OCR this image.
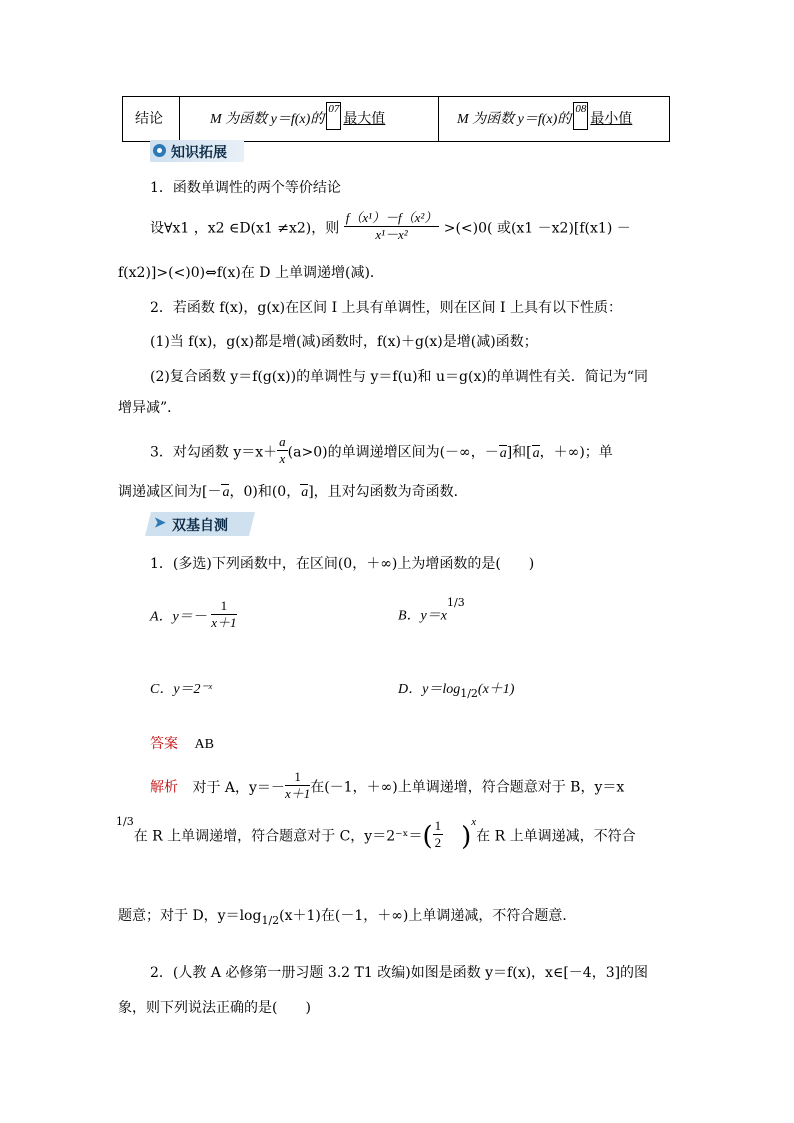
结论	M 为函数 y＝f(x)的07最大值	M 为函数 y＝f(x)的08最小值
知识拓展
1．函数单调性的两个等价结论
设∀x1 ，x2 ∈D(x1 ≠x2)，则 $\frac{\text{f（x¹）－f（x²）}}{\text{x¹－x²}} >(<)0$( 或(x1 －x2)[f(x1) －
f(x2)]>(<)0)⇔f(x)在 D 上单调递增(减)．
2．若函数 f(x)，g(x)在区间 I 上具有单调性，则在区间 I 上具有以下性质：
(1)当 f(x)，g(x)都是增(减)函数时，f(x)＋g(x)是增(减)函数；
(2)复合函数 y＝f(g(x))的单调性与 y＝f(u)和 u＝g(x)的单调性有关．简记为“同
增异减”．
3．对勾函数 $y=x+ \frac{a}{x} (a>0)$的单调递增区间为(－∞，－a]和[a，＋∞)；单
调递减区间为[－a，0)和(0，a]，且对勾函数为奇函数．
➤ 双基自测
1．(多选)下列函数中，在区间(0，＋∞)上为增函数的是(　　)
A．$y=- \frac{1}{x+1}$	B．$y=x^{1/3}$
C．y＝2⁻ˣ	D．$y=\log_{1/2}(x+1)$
答案 AB
解析 对于 A，$y=- \frac{1}{x+1}$ 在(－1，＋∞)上单调递增，符合题意对于 B，y＝x
$^{1/3}$在 R 上单调递增，符合题意对于 C，y＝2⁻ˣ＝( $\frac{1}{2} )^x$在 R 上单调递减，不符合
题意；对于 D，$y=\log_{1/2}(x+1)$在(－1，＋∞)上单调递减，不符合题意．
2．(人教 A 必修第一册习题 3.2 T1 改编)如图是函数 y＝f(x)，x∈[－4，3]的图
象，则下列说法正确的是(　　)
